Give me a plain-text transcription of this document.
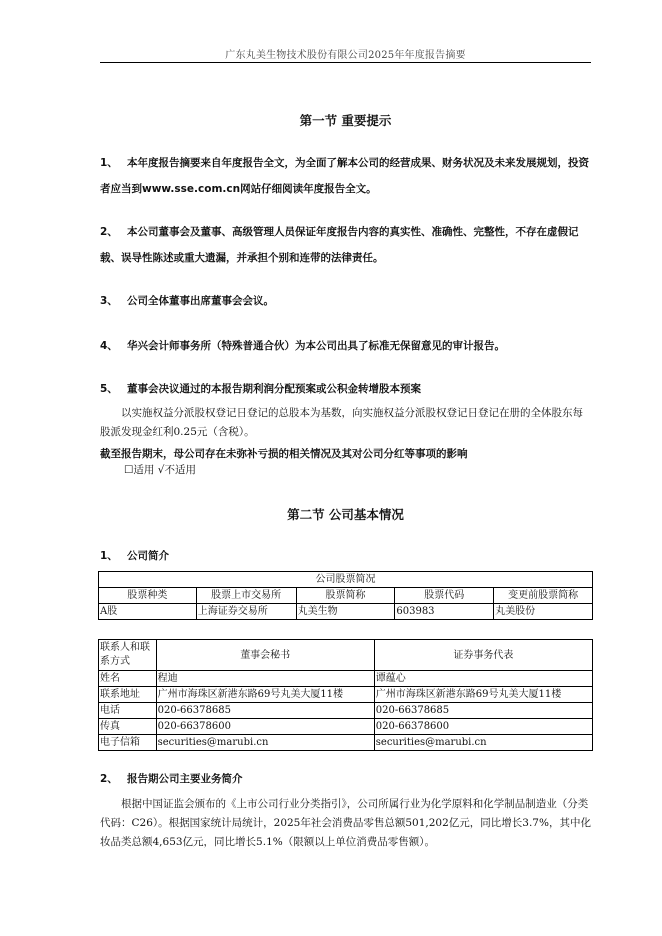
广东丸美生物技术股份有限公司2025年年度报告摘要
第一节 重要提示
1、 本年度报告摘要来自年度报告全文，为全面了解本公司的经营成果、财务状况及未来发展规划，投资者应当到www.sse.com.cn网站仔细阅读年度报告全文。
2、 本公司董事会及董事、高级管理人员保证年度报告内容的真实性、准确性、完整性，不存在虚假记载、误导性陈述或重大遗漏，并承担个别和连带的法律责任。
3、 公司全体董事出席董事会会议。
4、 华兴会计师事务所（特殊普通合伙）为本公司出具了标准无保留意见的审计报告。
5、 董事会决议通过的本报告期利润分配预案或公积金转增股本预案
以实施权益分派股权登记日登记的总股本为基数，向实施权益分派股权登记日登记在册的全体股东每股派发现金红利0.25元（含税）。
截至报告期末，母公司存在未弥补亏损的相关情况及其对公司分红等事项的影响
☐适用 √不适用
第二节 公司基本情况
1、 公司简介
公司股票简况				
股票种类	股票上市交易所	股票简称	股票代码	变更前股票简称
A股	上海证券交易所	丸美生物	603983	丸美股份
联系人和联系方式	董事会秘书	证券事务代表
姓名	程迪	谭蕴心
联系地址	广州市海珠区新港东路69号丸美大厦11楼	广州市海珠区新港东路69号丸美大厦11楼
电话	020-66378685	020-66378685
传真	020-66378600	020-66378600
电子信箱	securities@marubi.cn	securities@marubi.cn
2、 报告期公司主要业务简介
根据中国证监会颁布的《上市公司行业分类指引》，公司所属行业为化学原料和化学制品制造业（分类代码：C26）。根据国家统计局统计，2025年社会消费品零售总额501,202亿元，同比增长3.7%，其中化妆品类总额4,653亿元，同比增长5.1%（限额以上单位消费品零售额）。
